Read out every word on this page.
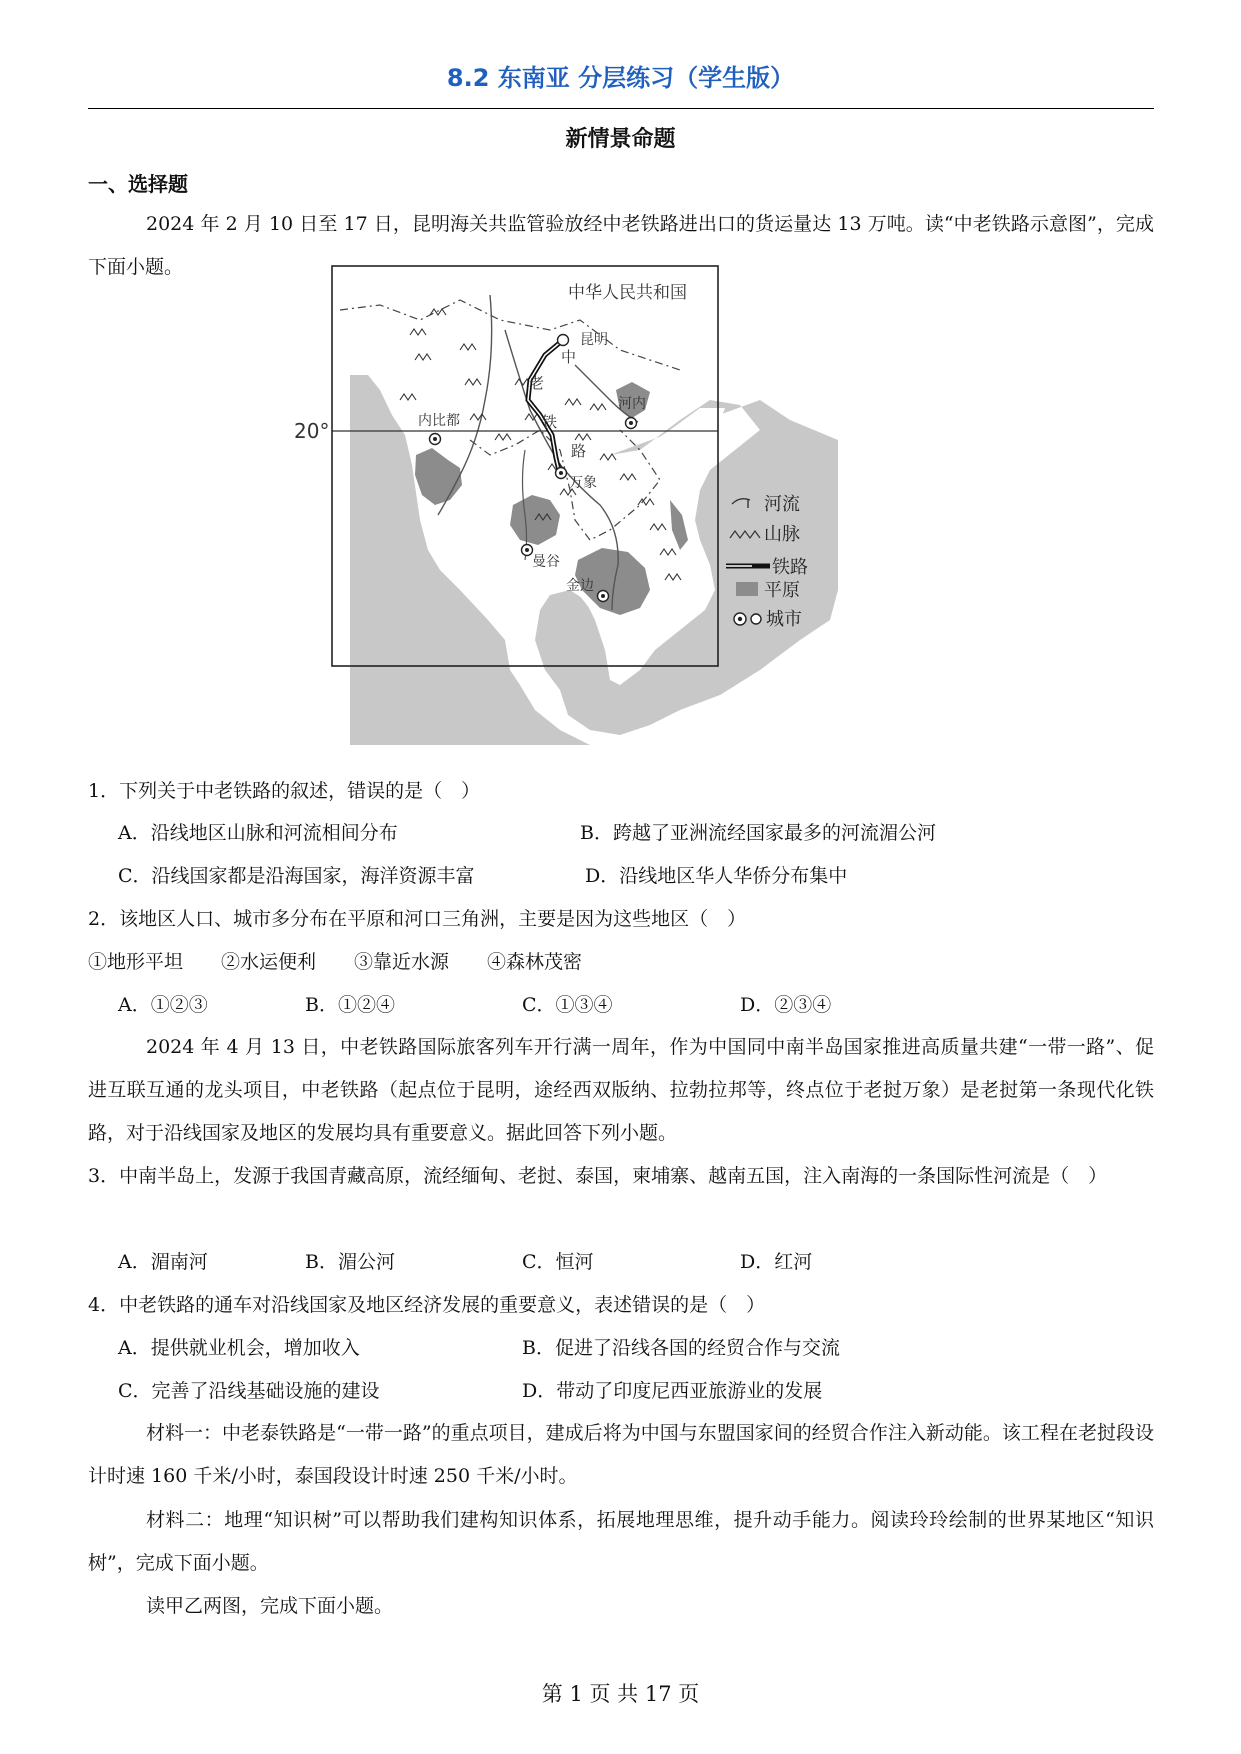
8.2 东南亚 分层练习（学生版）
新情景命题
一、选择题
2024 年 2 月 10 日至 17 日，昆明海关共监管验放经中老铁路进出口的货运量达 13 万吨。读“中老铁路示意图”，完成下面小题。
20°
中华人民共和国
昆明
河内
内比都
万象
曼谷
金边
中
老
铁
路
河流
山脉
铁路
平原
城市
1．下列关于中老铁路的叙述，错误的是（　）
A．沿线地区山脉和河流相间分布	B．跨越了亚洲流经国家最多的河流湄公河
C．沿线国家都是沿海国家，海洋资源丰富	D．沿线地区华人华侨分布集中
2．该地区人口、城市多分布在平原和河口三角洲，主要是因为这些地区（　）
①地形平坦　　②水运便利　　③靠近水源　　④森林茂密
A．①②③	B．①②④	C．①③④	D．②③④
2024 年 4 月 13 日，中老铁路国际旅客列车开行满一周年，作为中国同中南半岛国家推进高质量共建“一带一路”、促进互联互通的龙头项目，中老铁路（起点位于昆明，途经西双版纳、拉勃拉邦等，终点位于老挝万象）是老挝第一条现代化铁路，对于沿线国家及地区的发展均具有重要意义。据此回答下列小题。
3．中南半岛上，发源于我国青藏高原，流经缅甸、老挝、泰国，柬埔寨、越南五国，注入南海的一条国际性河流是（　）
A．湄南河	B．湄公河	C．恒河	D．红河
4．中老铁路的通车对沿线国家及地区经济发展的重要意义，表述错误的是（　）
A．提供就业机会，增加收入	B．促进了沿线各国的经贸合作与交流
C．完善了沿线基础设施的建设	D．带动了印度尼西亚旅游业的发展
材料一：中老泰铁路是“一带一路”的重点项目，建成后将为中国与东盟国家间的经贸合作注入新动能。该工程在老挝段设计时速 160 千米/小时，泰国段设计时速 250 千米/小时。
材料二：地理“知识树”可以帮助我们建构知识体系，拓展地理思维，提升动手能力。阅读玲玲绘制的世界某地区“知识树”，完成下面小题。
读甲乙两图，完成下面小题。
第 1 页 共 17 页
